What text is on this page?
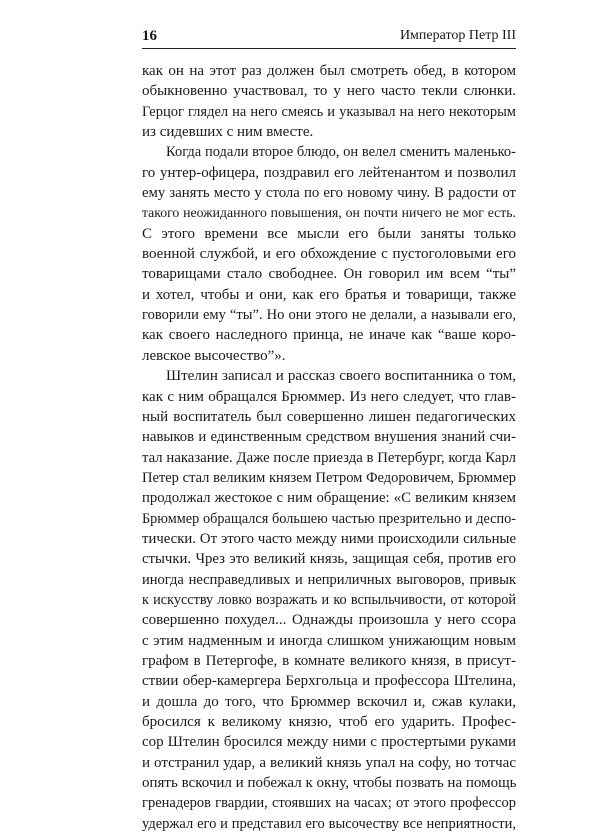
16	Император Петр III
как он на этот раз должен был смотреть обед, в котором
обыкновенно участвовал, то у него часто текли слюнки.
Герцог глядел на него смеясь и указывал на него некоторым
из сидевших с ним вместе.
Когда подали второе блюдо, он велел сменить маленько-
го унтер-офицера, поздравил его лейтенантом и позволил
ему занять место у стола по его новому чину. В радости от
такого неожиданного повышения, он почти ничего не мог есть.
С этого времени все мысли его были заняты только
военной службой, и его обхождение с пустоголовыми его
товарищами стало свободнее. Он говорил им всем “ты”
и хотел, чтобы и они, как его братья и товарищи, также
говорили ему “ты”. Но они этого не делали, а называли его,
как своего наследного принца, не иначе как “ваше коро-
левское высочество”».
Штелин записал и рассказ своего воспитанника о том,
как с ним обращался Брюммер. Из него следует, что глав-
ный воспитатель был совершенно лишен педагогических
навыков и единственным средством внушения знаний счи-
тал наказание. Даже после приезда в Петербург, когда Карл
Петер стал великим князем Петром Федоровичем, Брюммер
продолжал жестокое с ним обращение: «С великим князем
Брюммер обращался большею частью презрительно и деспо-
тически. От этого часто между ними происходили сильные
стычки. Чрез это великий князь, защищая себя, против его
иногда несправедливых и неприличных выговоров, привык
к искусству ловко возражать и ко вспыльчивости, от которой
совершенно похудел... Однажды произошла у него ссора
с этим надменным и иногда слишком унижающим новым
графом в Петергофе, в комнате великого князя, в присут-
ствии обер-камергера Берхгольца и профессора Штелина,
и дошла до того, что Брюммер вскочил и, сжав кулаки,
бросился к великому князю, чтоб его ударить. Профес-
сор Штелин бросился между ними с простертыми руками
и отстранил удар, а великий князь упал на софу, но тотчас
опять вскочил и побежал к окну, чтобы позвать на помощь
гренадеров гвардии, стоявших на часах; от этого профессор
удержал его и представил его высочеству все неприятности,
